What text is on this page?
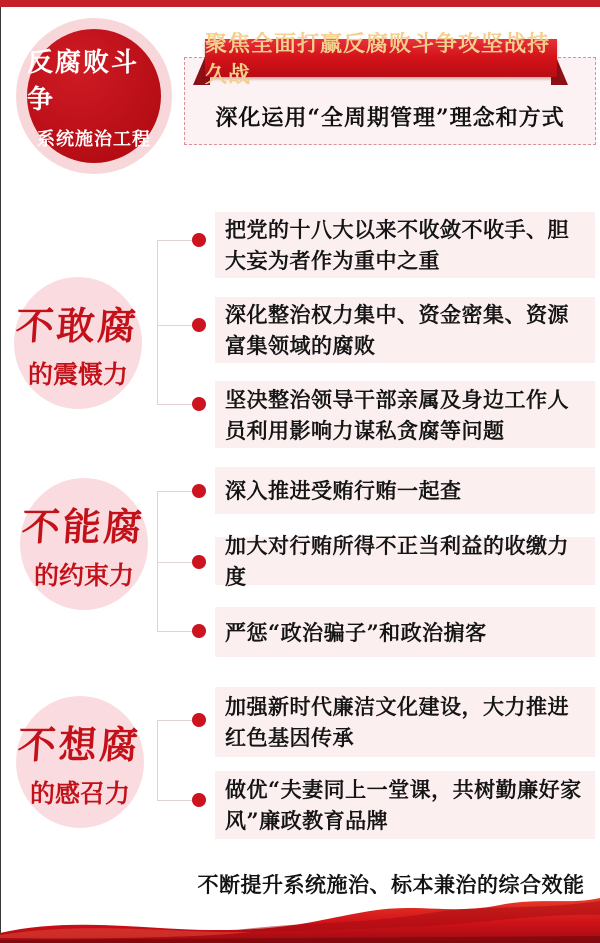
反腐败斗争
系统施治工程
深化运用“全周期管理”理念和方式
聚焦全面打赢反腐败斗争攻坚战持久战
不敢腐
的震慑力
把党的十八大以来不收敛不收手、胆大妄为者作为重中之重
深化整治权力集中、资金密集、资源富集领域的腐败
坚决整治领导干部亲属及身边工作人员利用影响力谋私贪腐等问题
不能腐
的约束力
深入推进受贿行贿一起查
加大对行贿所得不正当利益的收缴力度
严惩“政治骗子”和政治掮客
不想腐
的感召力
加强新时代廉洁文化建设，大力推进红色基因传承
做优“夫妻同上一堂课，共树勤廉好家风”廉政教育品牌
不断提升系统施治、标本兼治的综合效能
